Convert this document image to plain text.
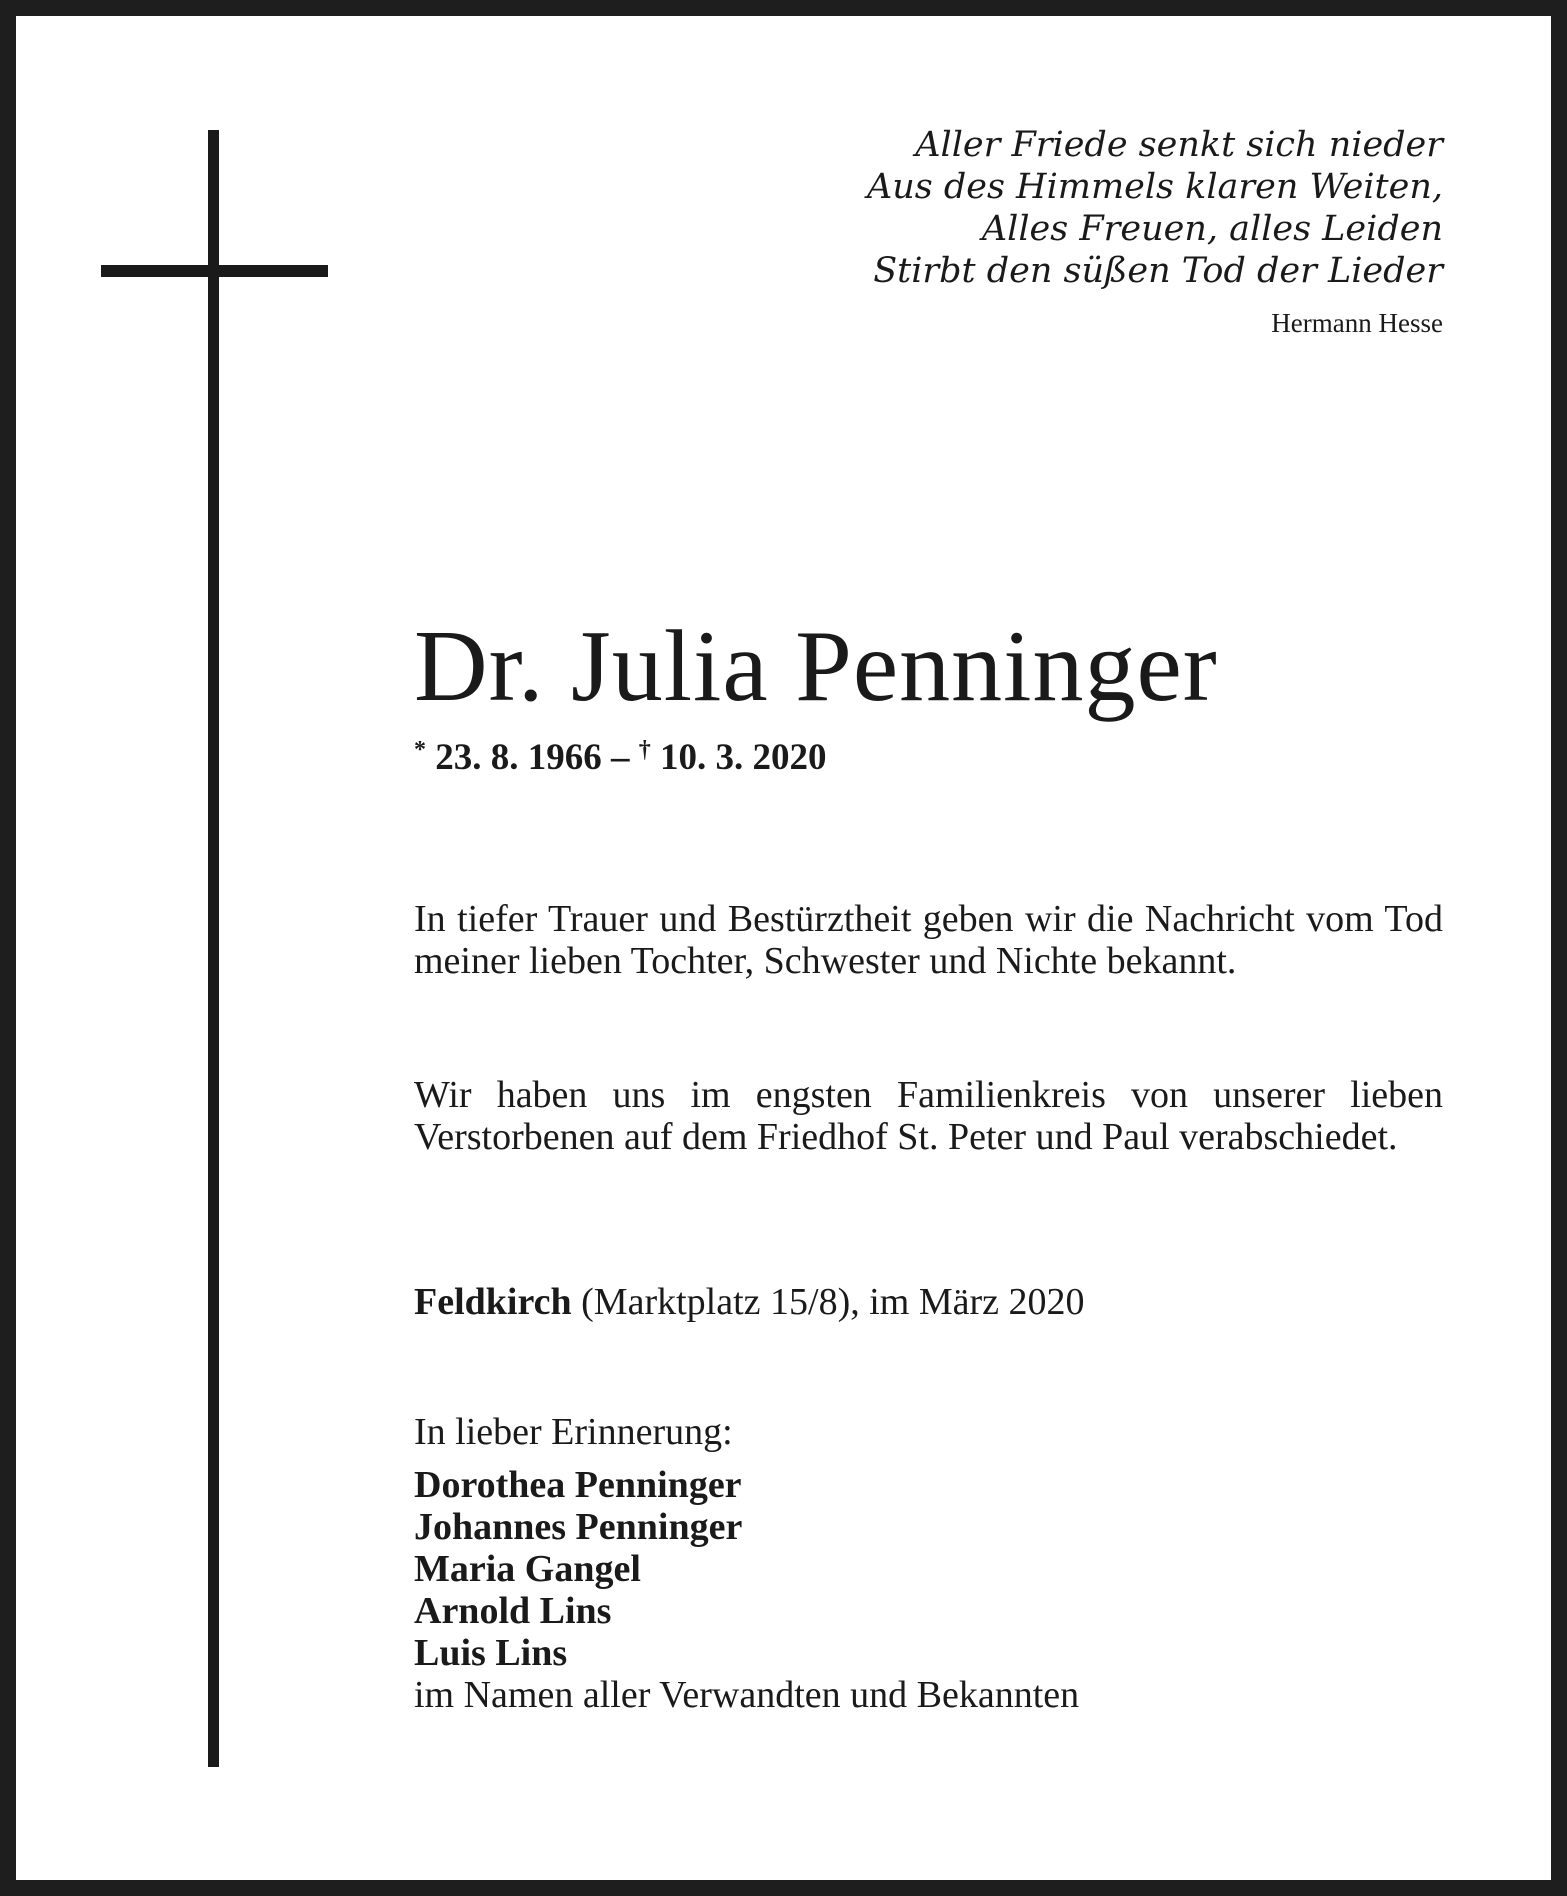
Aller Friede senkt sich nieder
Aus des Himmels klaren Weiten,
Alles Freuen, alles Leiden
Stirbt den süßen Tod der Lieder
Hermann Hesse
Dr. Julia Penninger
* 23. 8. 1966 – † 10. 3. 2020
In tiefer Trauer und Bestürztheit geben wir die Nachricht vom Tod meiner lieben Tochter, Schwester und Nichte bekannt.
Wir haben uns im engsten Familienkreis von unserer lieben Verstorbenen auf dem Friedhof St. Peter und Paul verabschiedet.
Feldkirch (Marktplatz 15/8), im März 2020
In lieber Erinnerung:
Dorothea Penninger
Johannes Penninger
Maria Gangel
Arnold Lins
Luis Lins
im Namen aller Verwandten und Bekannten
